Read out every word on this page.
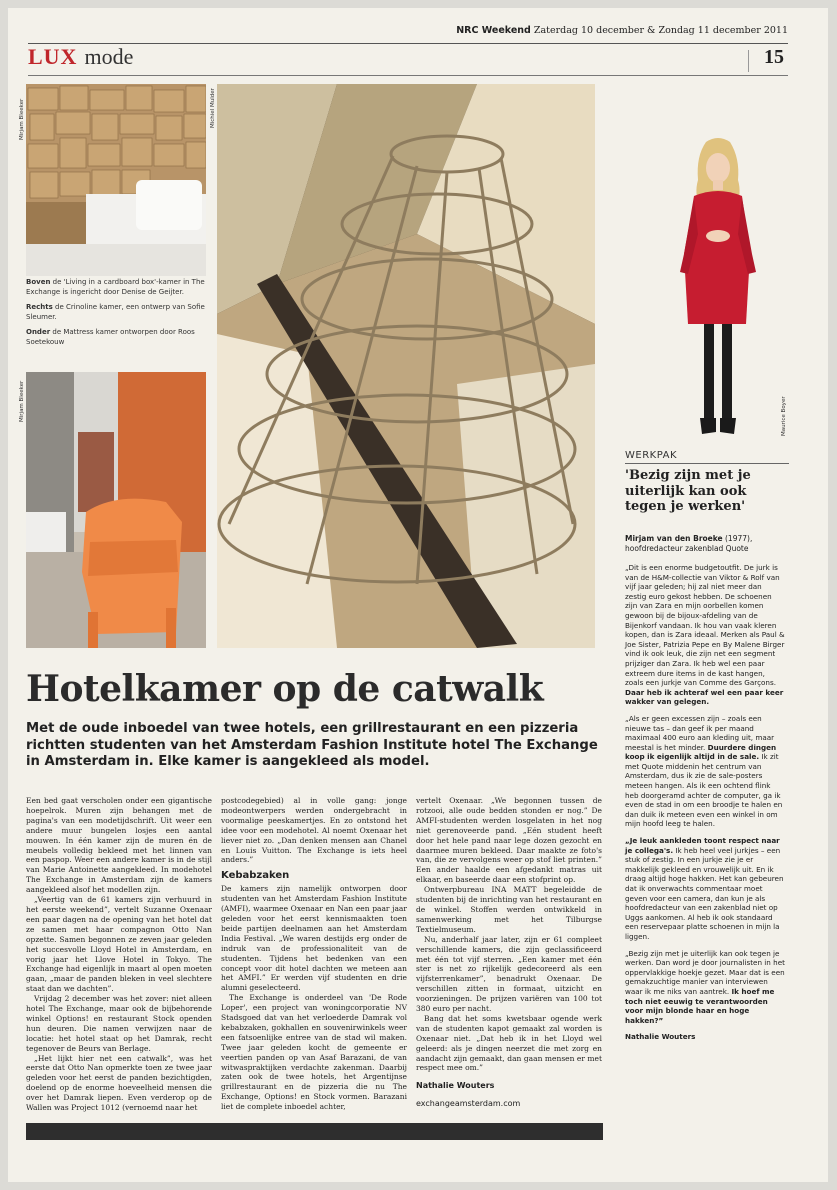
NRC Weekend Zaterdag 10 december & Zondag 11 december 2011
LUX mode	15
Mirjam Bleeker

Boven de 'Living in a cardboard box'-kamer in The Exchange is ingericht door Denise de Geijter.

Rechts de Crinoline kamer, een ontwerp van Sofie Sleumer.

Onder de Mattress kamer ontworpen door Roos Soetekouw

Mirjam Bleeker
Michiel Mulder
Maurice Boyer
WERKPAK
'Bezig zijn met je uiterlijk kan ook tegen je werken'
Mirjam van den Broeke (1977), hoofdredacteur zakenblad Quote

„Dit is een enorme budgetoutfit. De jurk is van de H&M-collectie van Viktor & Rolf van vijf jaar geleden; hij zal niet meer dan zestig euro gekost hebben. De schoenen zijn van Zara en mijn oorbellen komen gewoon bij de bijoux-afdeling van de Bijenkorf vandaan. Ik hou van vaak kleren kopen, dan is Zara ideaal. Merken als Paul & Joe Sister, Patrizia Pepe en By Malene Birger vind ik ook leuk, die zijn net een segment prijziger dan Zara. Ik heb wel een paar extreem dure items in de kast hangen, zoals een jurkje van Comme des Garçons. Daar heb ik achteraf wel een paar keer wakker van gelegen.

„Als er geen excessen zijn – zoals een nieuwe tas – dan geef ik per maand maximaal 400 euro aan kleding uit, maar meestal is het minder. Duurdere dingen koop ik eigenlijk altijd in de sale. Ik zit met Quote middenin het centrum van Amsterdam, dus ik zie de sale-posters meteen hangen. Als ik een ochtend flink heb doorgeramd achter de computer, ga ik even de stad in om een broodje te halen en dan duik ik meteen even een winkel in om mijn hoofd leeg te halen.

„Je leuk aankleden toont respect naar je collega's. Ik heb heel veel jurkjes – een stuk of zestig. In een jurkje zie je er makkelijk gekleed en vrouwelijk uit. En ik draag altijd hoge hakken. Het kan gebeuren dat ik onverwachts commentaar moet geven voor een camera, dan kun je als hoofdredacteur van een zakenblad niet op Uggs aankomen. Al heb ik ook standaard een reservepaar platte schoenen in mijn la liggen.

„Bezig zijn met je uiterlijk kan ook tegen je werken. Dan word je door journalisten in het oppervlakkige hoekje gezet. Maar dat is een gemakzuchtige manier van interviewen waar ik me niks van aantrek. Ik hoef me toch niet eeuwig te verantwoorden voor mijn blonde haar en hoge hakken?”

Nathalie Wouters

Hotelkamer op de catwalk
Met de oude inboedel van twee hotels, een grillrestaurant en een pizzeria richtten studenten van het Amsterdam Fashion Institute hotel The Exchange in Amsterdam in. Elke kamer is aangekleed als model.

Een bed gaat verscholen onder een gigantische hoepelrok. Muren zijn behangen met de pagina's van een modetijdschrift. Uit weer een andere muur bungelen losjes een aantal mouwen. In één kamer zijn de muren én de meubels volledig bekleed met het linnen van een paspop. Weer een andere kamer is in de stijl van Marie Antoinette aangekleed. In modehotel The Exchange in Amsterdam zijn de kamers aangekleed alsof het modellen zijn.

„Veertig van de 61 kamers zijn verhuurd in het eerste weekend”, vertelt Suzanne Oxenaar een paar dagen na de opening van het hotel dat ze samen met haar compagnon Otto Nan opzette. Samen begonnen ze zeven jaar geleden het succesvolle Lloyd Hotel in Amsterdam, en vorig jaar het Llove Hotel in Tokyo. The Exchange had eigenlijk in maart al open moeten gaan, „maar de panden bleken in veel slechtere staat dan we dachten”.

Vrijdag 2 december was het zover: niet alleen hotel The Exchange, maar ook de bijbehorende winkel Options! en restaurant Stock openden hun deuren. Die namen verwijzen naar de locatie: het hotel staat op het Damrak, recht tegenover de Beurs van Berlage.

„Het lijkt hier net een catwalk”, was het eerste dat Otto Nan opmerkte toen ze twee jaar geleden voor het eerst de panden bezichtigden, doelend op de enorme hoeveelheid mensen die over het Damrak liepen. Even verderop op de Wallen was Project 1012 (vernoemd naar het

postcodegebied) al in volle gang: jonge modeontwerpers werden ondergebracht in voormalige peeskamertjes. En zo ontstond het idee voor een modehotel. Al noemt Oxenaar het liever niet zo. „Dan denken mensen aan Chanel en Louis Vuitton. The Exchange is iets heel anders.”

Kebabzaken

De kamers zijn namelijk ontworpen door studenten van het Amsterdam Fashion Institute (AMFI), waarmee Oxenaar en Nan een paar jaar geleden voor het eerst kennismaakten toen beide partijen deelnamen aan het Amsterdam India Festival. „We waren destijds erg onder de indruk van de professionaliteit van de studenten. Tijdens het bedenken van een concept voor dit hotel dachten we meteen aan het AMFI.” Er werden vijf studenten en drie alumni geselecteerd.

The Exchange is onderdeel van 'De Rode Loper', een project van woningcorporatie NV Stadsgoed dat van het verloederde Damrak vol kebabzaken, gokhallen en souvenirwinkels weer een fatsoenlijke entree van de stad wil maken. Twee jaar geleden kocht de gemeente er veertien panden op van Asaf Barazani, de van witwaspraktijken verdachte zakenman. Daarbij zaten ook de twee hotels, het Argentijnse grillrestaurant en de pizzeria die nu The Exchange, Options! en Stock vormen. Barazani liet de complete inboedel achter,

vertelt Oxenaar. „We begonnen tussen de rotzooi, alle oude bedden stonden er nog.” De AMFI-studenten werden losgelaten in het nog niet gerenoveerde pand. „Eén student heeft door het hele pand naar lege dozen gezocht en daarmee muren bekleed. Daar maakte ze foto's van, die ze vervolgens weer op stof liet printen.” Een ander haalde een afgedankt matras uit elkaar, en baseerde daar een stofprint op.

Ontwerpbureau INA MATT begeleidde de studenten bij de inrichting van het restaurant en de winkel. Stoffen werden ontwikkeld in samenwerking met het Tilburgse Textielmuseum.

Nu, anderhalf jaar later, zijn er 61 compleet verschillende kamers, die zijn geclassificeerd met één tot vijf sterren. „Een kamer met één ster is net zo rijkelijk gedecoreerd als een vijfsterrenkamer”, benadrukt Oxenaar. De verschillen zitten in formaat, uitzicht en voorzieningen. De prijzen variëren van 100 tot 380 euro per nacht.

Bang dat het soms kwetsbaar ogende werk van de studenten kapot gemaakt zal worden is Oxenaar niet. „Dat heb ik in het Lloyd wel geleerd: als je dingen neerzet die met zorg en aandacht zijn gemaakt, dan gaan mensen er met respect mee om.”

Nathalie Wouters
exchangeamsterdam.com
